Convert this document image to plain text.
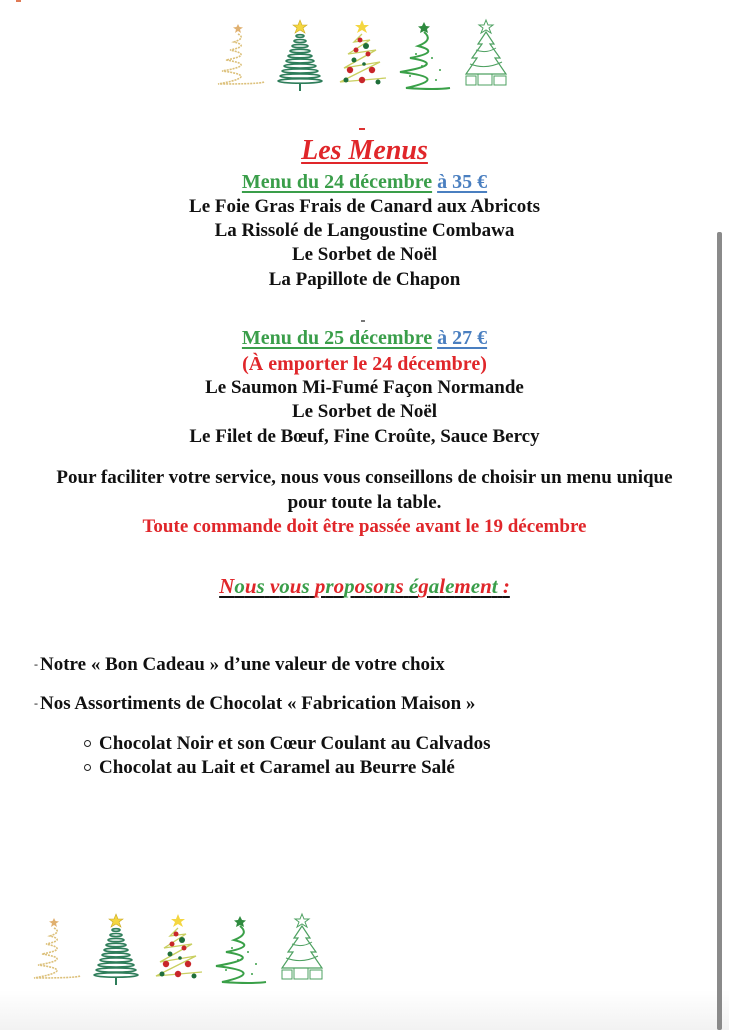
Les Menus
Menu du 24 décembre à 35 €
Le Foie Gras Frais de Canard aux Abricots
La Rissolé de Langoustine Combawa
Le Sorbet de Noël
La Papillote de Chapon
Menu du 25 décembre à 27 €
(À emporter le 24 décembre)
Le Saumon Mi-Fumé Façon Normande
Le Sorbet de Noël
Le Filet de Bœuf, Fine Croûte, Sauce Bercy
Pour faciliter votre service, nous vous conseillons de choisir un menu unique
pour toute la table.
Toute commande doit être passée avant le 19 décembre
Nous vous proposons également :
- Notre « Bon Cadeau » d’une valeur de votre choix
- Nos Assortiments de Chocolat « Fabrication Maison »
Chocolat Noir et son Cœur Coulant au Calvados
Chocolat au Lait et Caramel au Beurre Salé
